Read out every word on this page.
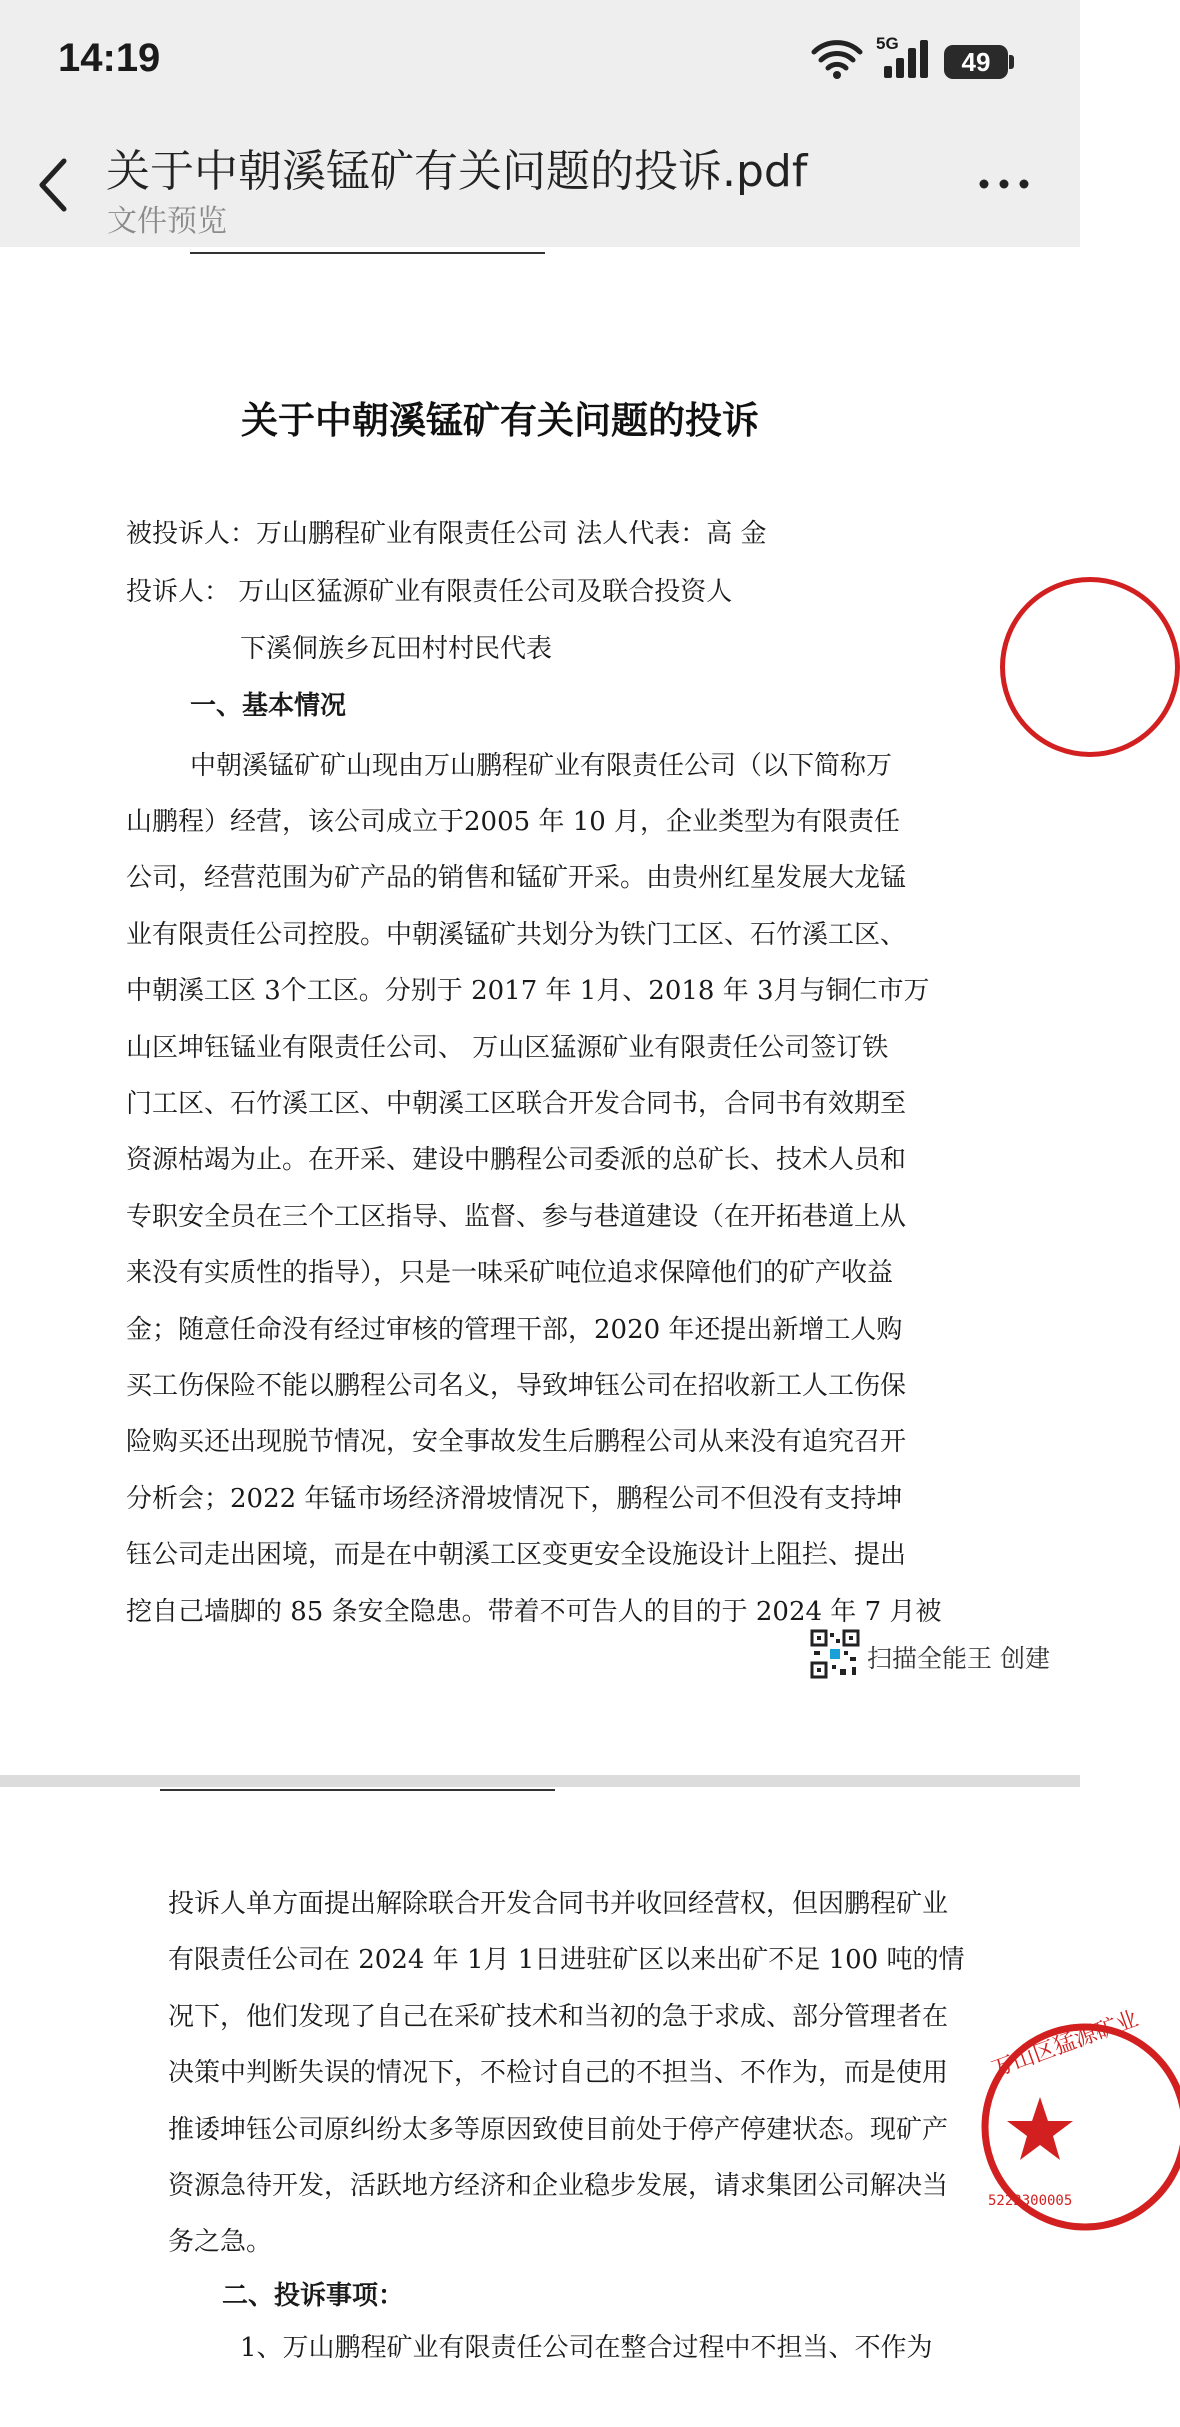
14:19	5G
49
关于中朝溪锰矿有关问题的投诉.pdf
文件预览
关于中朝溪锰矿有关问题的投诉
被投诉人：万山鹏程矿业有限责任公司 法人代表：高 金
投诉人： 万山区猛源矿业有限责任公司及联合投资人
下溪侗族乡瓦田村村民代表
一、基本情况
中朝溪锰矿矿山现由万山鹏程矿业有限责任公司（以下简称万
山鹏程）经营，该公司成立于2005 年 10 月，企业类型为有限责任
公司，经营范围为矿产品的销售和锰矿开采。由贵州红星发展大龙锰
业有限责任公司控股。中朝溪锰矿共划分为铁门工区、石竹溪工区、
中朝溪工区 3个工区。分别于 2017 年 1月、2018 年 3月与铜仁市万
山区坤钰锰业有限责任公司、 万山区猛源矿业有限责任公司签订铁
门工区、石竹溪工区、中朝溪工区联合开发合同书，合同书有效期至
资源枯竭为止。在开采、建设中鹏程公司委派的总矿长、技术人员和
专职安全员在三个工区指导、监督、参与巷道建设（在开拓巷道上从
来没有实质性的指导），只是一味采矿吨位追求保障他们的矿产收益
金；随意任命没有经过审核的管理干部，2020 年还提出新增工人购
买工伤保险不能以鹏程公司名义，导致坤钰公司在招收新工人工伤保
险购买还出现脱节情况，安全事故发生后鹏程公司从来没有追究召开
分析会；2022 年锰市场经济滑坡情况下，鹏程公司不但没有支持坤
钰公司走出困境，而是在中朝溪工区变更安全设施设计上阻拦、提出
挖自己墙脚的 85 条安全隐患。带着不可告人的目的于 2024 年 7 月被
扫描全能王 创建
投诉人单方面提出解除联合开发合同书并收回经营权，但因鹏程矿业
有限责任公司在 2024 年 1月 1日进驻矿区以来出矿不足 100 吨的情
况下，他们发现了自己在采矿技术和当初的急于求成、部分管理者在
决策中判断失误的情况下，不检讨自己的不担当、不作为，而是使用
推诿坤钰公司原纠纷太多等原因致使目前处于停产停建状态。现矿产
资源急待开发，活跃地方经济和企业稳步发展，请求集团公司解决当
务之急。
二、投诉事项：
1、万山鹏程矿业有限责任公司在整合过程中不担当、不作为
万山区猛源矿业
5222300005
